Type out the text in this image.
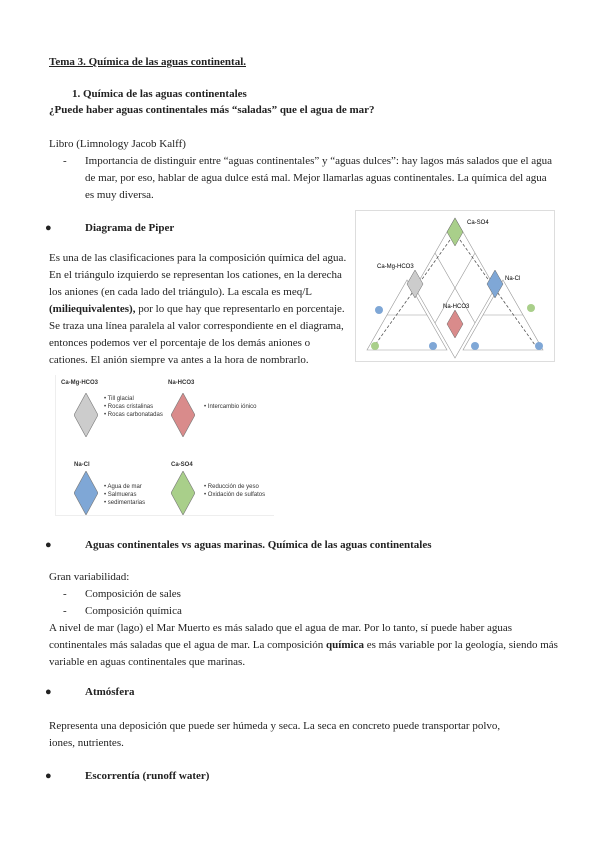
Tema 3. Química de las aguas continental.
1. Química de las aguas continentales
¿Puede haber aguas continentales más “saladas” que el agua de mar?
Libro (Limnology Jacob Kalff)
- Importancia de distinguir entre “aguas continentales” y “aguas dulces”: hay lagos más salados que el agua de mar, por eso, hablar de agua dulce está mal. Mejor llamarlas aguas continentales. La química del agua es muy diversa.
●	Diagrama de Piper
Es una de las clasificaciones para la composición química del agua. En el triángulo izquierdo se representan los cationes, en la derecha los aniones (en cada lado del triángulo). La escala es meq/L (miliequivalentes), por lo que hay que representarlo en porcentaje. Se traza una línea paralela al valor correspondiente en el diagrama, entonces podemos ver el porcentaje de los demás aniones o cationes. El anión siempre va antes a la hora de nombrarlo.
Ca-SO4
Ca-Mg-HCO3
Na-Cl
Na-HCO3
Ca-Mg-HCO3
• Till glacial
• Rocas cristalinas
• Rocas carbonatadas
Na-HCO3
• Intercambio iónico
Na-Cl
• Agua de mar
• Salmueras
• sedimentarias
Ca-SO4
• Reducción de yeso
• Oxidación de sulfatos
●	Aguas continentales vs aguas marinas. Química de las aguas continentales
Gran variabilidad:
- Composición de sales
- Composición química
A nivel de mar (lago) el Mar Muerto es más salado que el agua de mar. Por lo tanto, sí puede haber aguas continentales más saladas que el agua de mar. La composición química es más variable por la geología, siendo más variable en aguas continentales que marinas.
●	Atmósfera
Representa una deposición que puede ser húmeda y seca. La seca en concreto puede transportar polvo, iones, nutrientes.
●	Escorrentía (runoff water)
